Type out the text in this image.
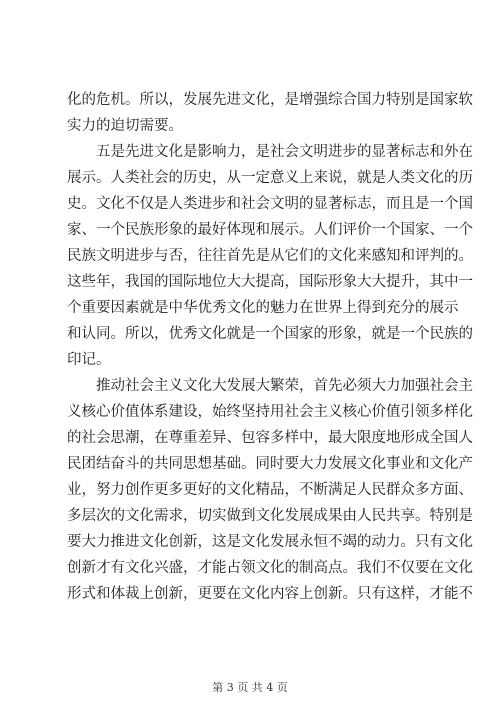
化的危机。所以，发展先进文化，是增强综合国力特别是国家软
实力的迫切需要。
五是先进文化是影响力，是社会文明进步的显著标志和外在
展示。人类社会的历史，从一定意义上来说，就是人类文化的历
史。文化不仅是人类进步和社会文明的显著标志，而且是一个国
家、一个民族形象的最好体现和展示。人们评价一个国家、一个
民族文明进步与否，往往首先是从它们的文化来感知和评判的。
这些年，我国的国际地位大大提高，国际形象大大提升，其中一
个重要因素就是中华优秀文化的魅力在世界上得到充分的展示
和认同。所以，优秀文化就是一个国家的形象，就是一个民族的
印记。
推动社会主义文化大发展大繁荣，首先必须大力加强社会主
义核心价值体系建设，始终坚持用社会主义核心价值引领多样化
的社会思潮，在尊重差异、包容多样中，最大限度地形成全国人
民团结奋斗的共同思想基础。同时要大力发展文化事业和文化产
业，努力创作更多更好的文化精品，不断满足人民群众多方面、
多层次的文化需求，切实做到文化发展成果由人民共享。特别是
要大力推进文化创新，这是文化发展永恒不竭的动力。只有文化
创新才有文化兴盛，才能占领文化的制高点。我们不仅要在文化
形式和体裁上创新，更要在文化内容上创新。只有这样，才能不
第 3 页 共 4 页
